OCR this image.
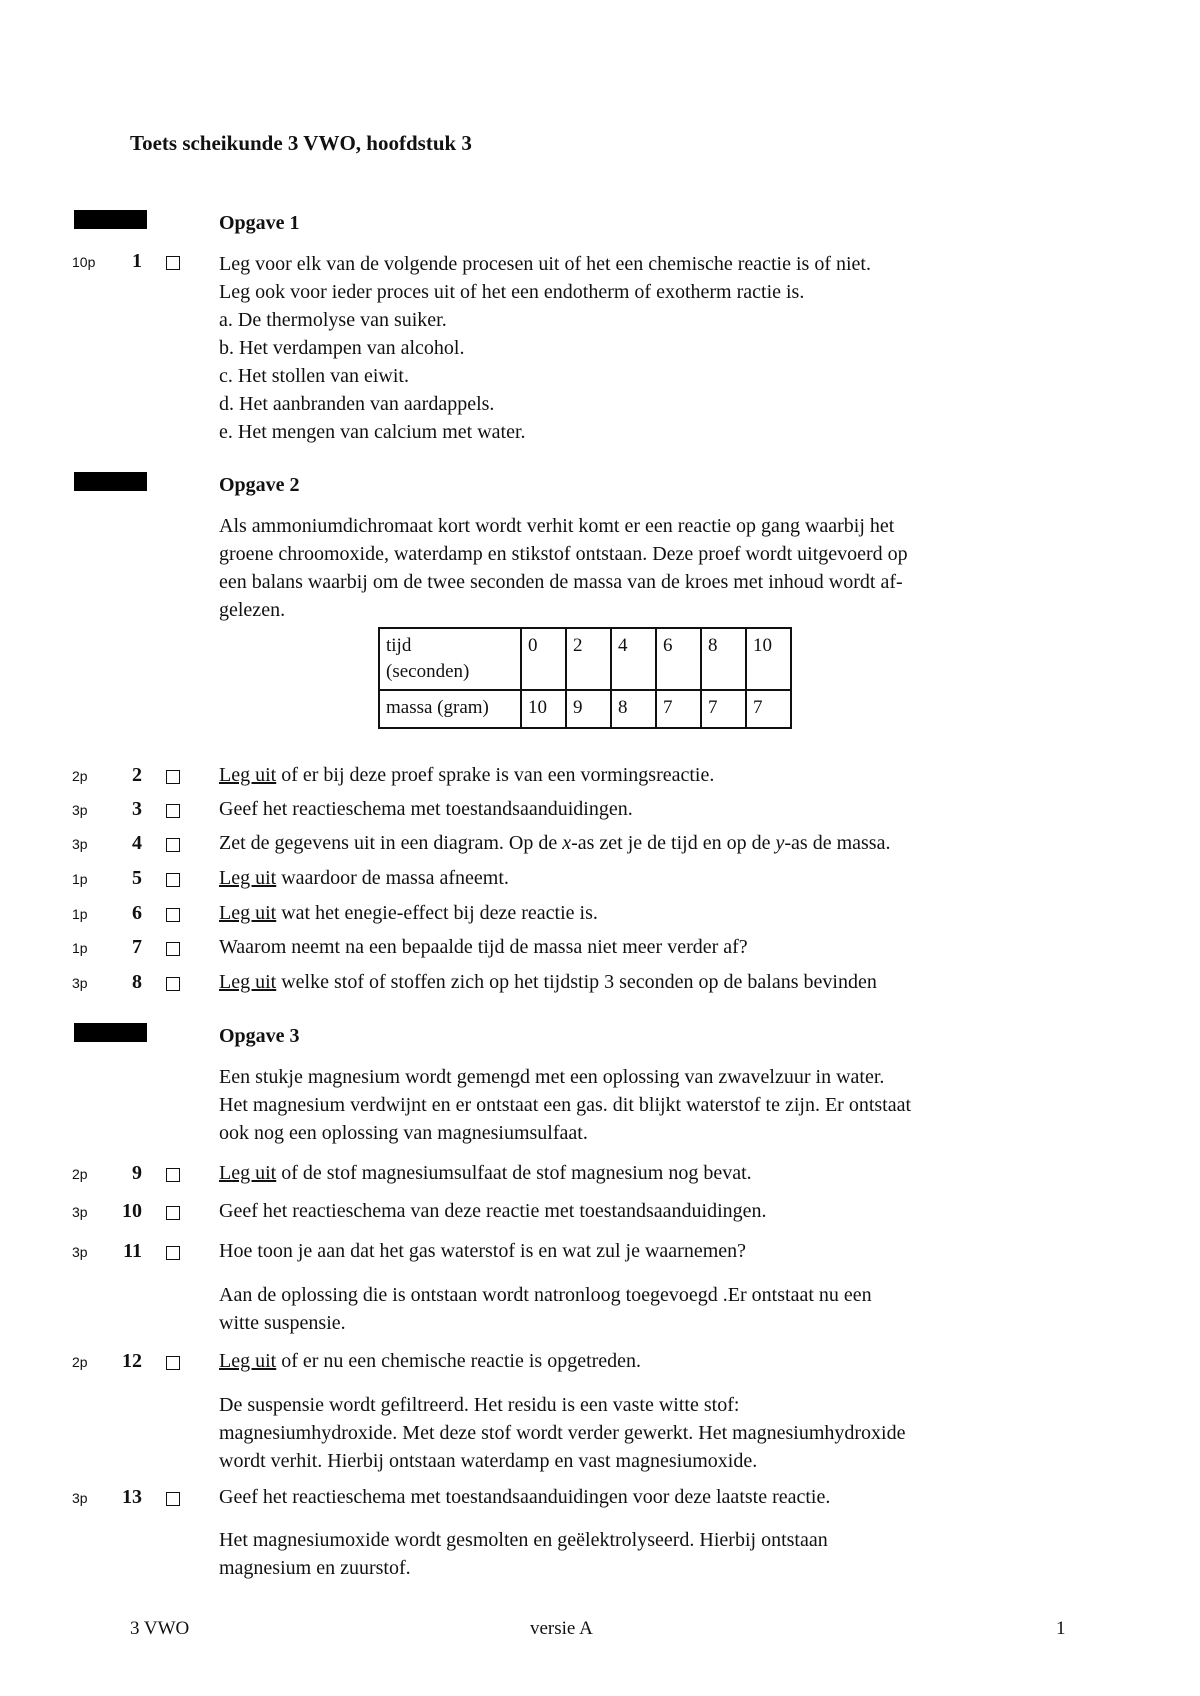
Toets scheikunde 3 VWO, hoofdstuk 3
Opgave 1
10p	1	Leg voor elk van de volgende procesen uit of het een chemische reactie is of niet.
Leg ook voor ieder proces uit of het een endotherm of exotherm ractie is.
a. De thermolyse van suiker.
b. Het verdampen van alcohol.
c. Het stollen van eiwit.
d. Het aanbranden van aardappels.
e. Het mengen van calcium met water.
Opgave 2
Als ammoniumdichromaat kort wordt verhit komt er een reactie op gang waarbij het
groene chroomoxide, waterdamp en stikstof ontstaan. Deze proef wordt uitgevoerd op
een balans waarbij om de twee seconden de massa van de kroes met inhoud wordt af-
gelezen.
tijd
(seconden)	0	2	4	6	8	10
massa (gram)	10	9	8	7	7	7
2p	2	Leg uit of er bij deze proef sprake is van een vormingsreactie.
3p	3	Geef het reactieschema met toestandsaanduidingen.
3p	4	Zet de gegevens uit in een diagram. Op de x-as zet je de tijd en op de y-as de massa.
1p	5	Leg uit waardoor de massa afneemt.
1p	6	Leg uit wat het enegie-effect bij deze reactie is.
1p	7	Waarom neemt na een bepaalde tijd de massa niet meer verder af?
3p	8	Leg uit welke stof of stoffen zich op het tijdstip 3 seconden op de balans bevinden
Opgave 3
Een stukje magnesium wordt gemengd met een oplossing van zwavelzuur in water.
Het magnesium verdwijnt en er ontstaat een gas. dit blijkt waterstof te zijn. Er ontstaat
ook nog een oplossing van magnesiumsulfaat.
2p	9	Leg uit of de stof magnesiumsulfaat de stof magnesium nog bevat.
3p	10	Geef het reactieschema van deze reactie met toestandsaanduidingen.
3p	11	Hoe toon je aan dat het gas waterstof is en wat zul je waarnemen?
Aan de oplossing die is ontstaan wordt natronloog toegevoegd .Er ontstaat nu een
witte suspensie.
2p	12	Leg uit of er nu een chemische reactie is opgetreden.
De suspensie wordt gefiltreerd. Het residu is een vaste witte stof:
magnesiumhydroxide. Met deze stof wordt verder gewerkt. Het magnesiumhydroxide
wordt verhit. Hierbij ontstaan waterdamp en vast magnesiumoxide.
3p	13	Geef het reactieschema met toestandsaanduidingen voor deze laatste reactie.
Het magnesiumoxide wordt gesmolten en geëlektrolyseerd. Hierbij ontstaan
magnesium en zuurstof.
3 VWO	versie A	1
